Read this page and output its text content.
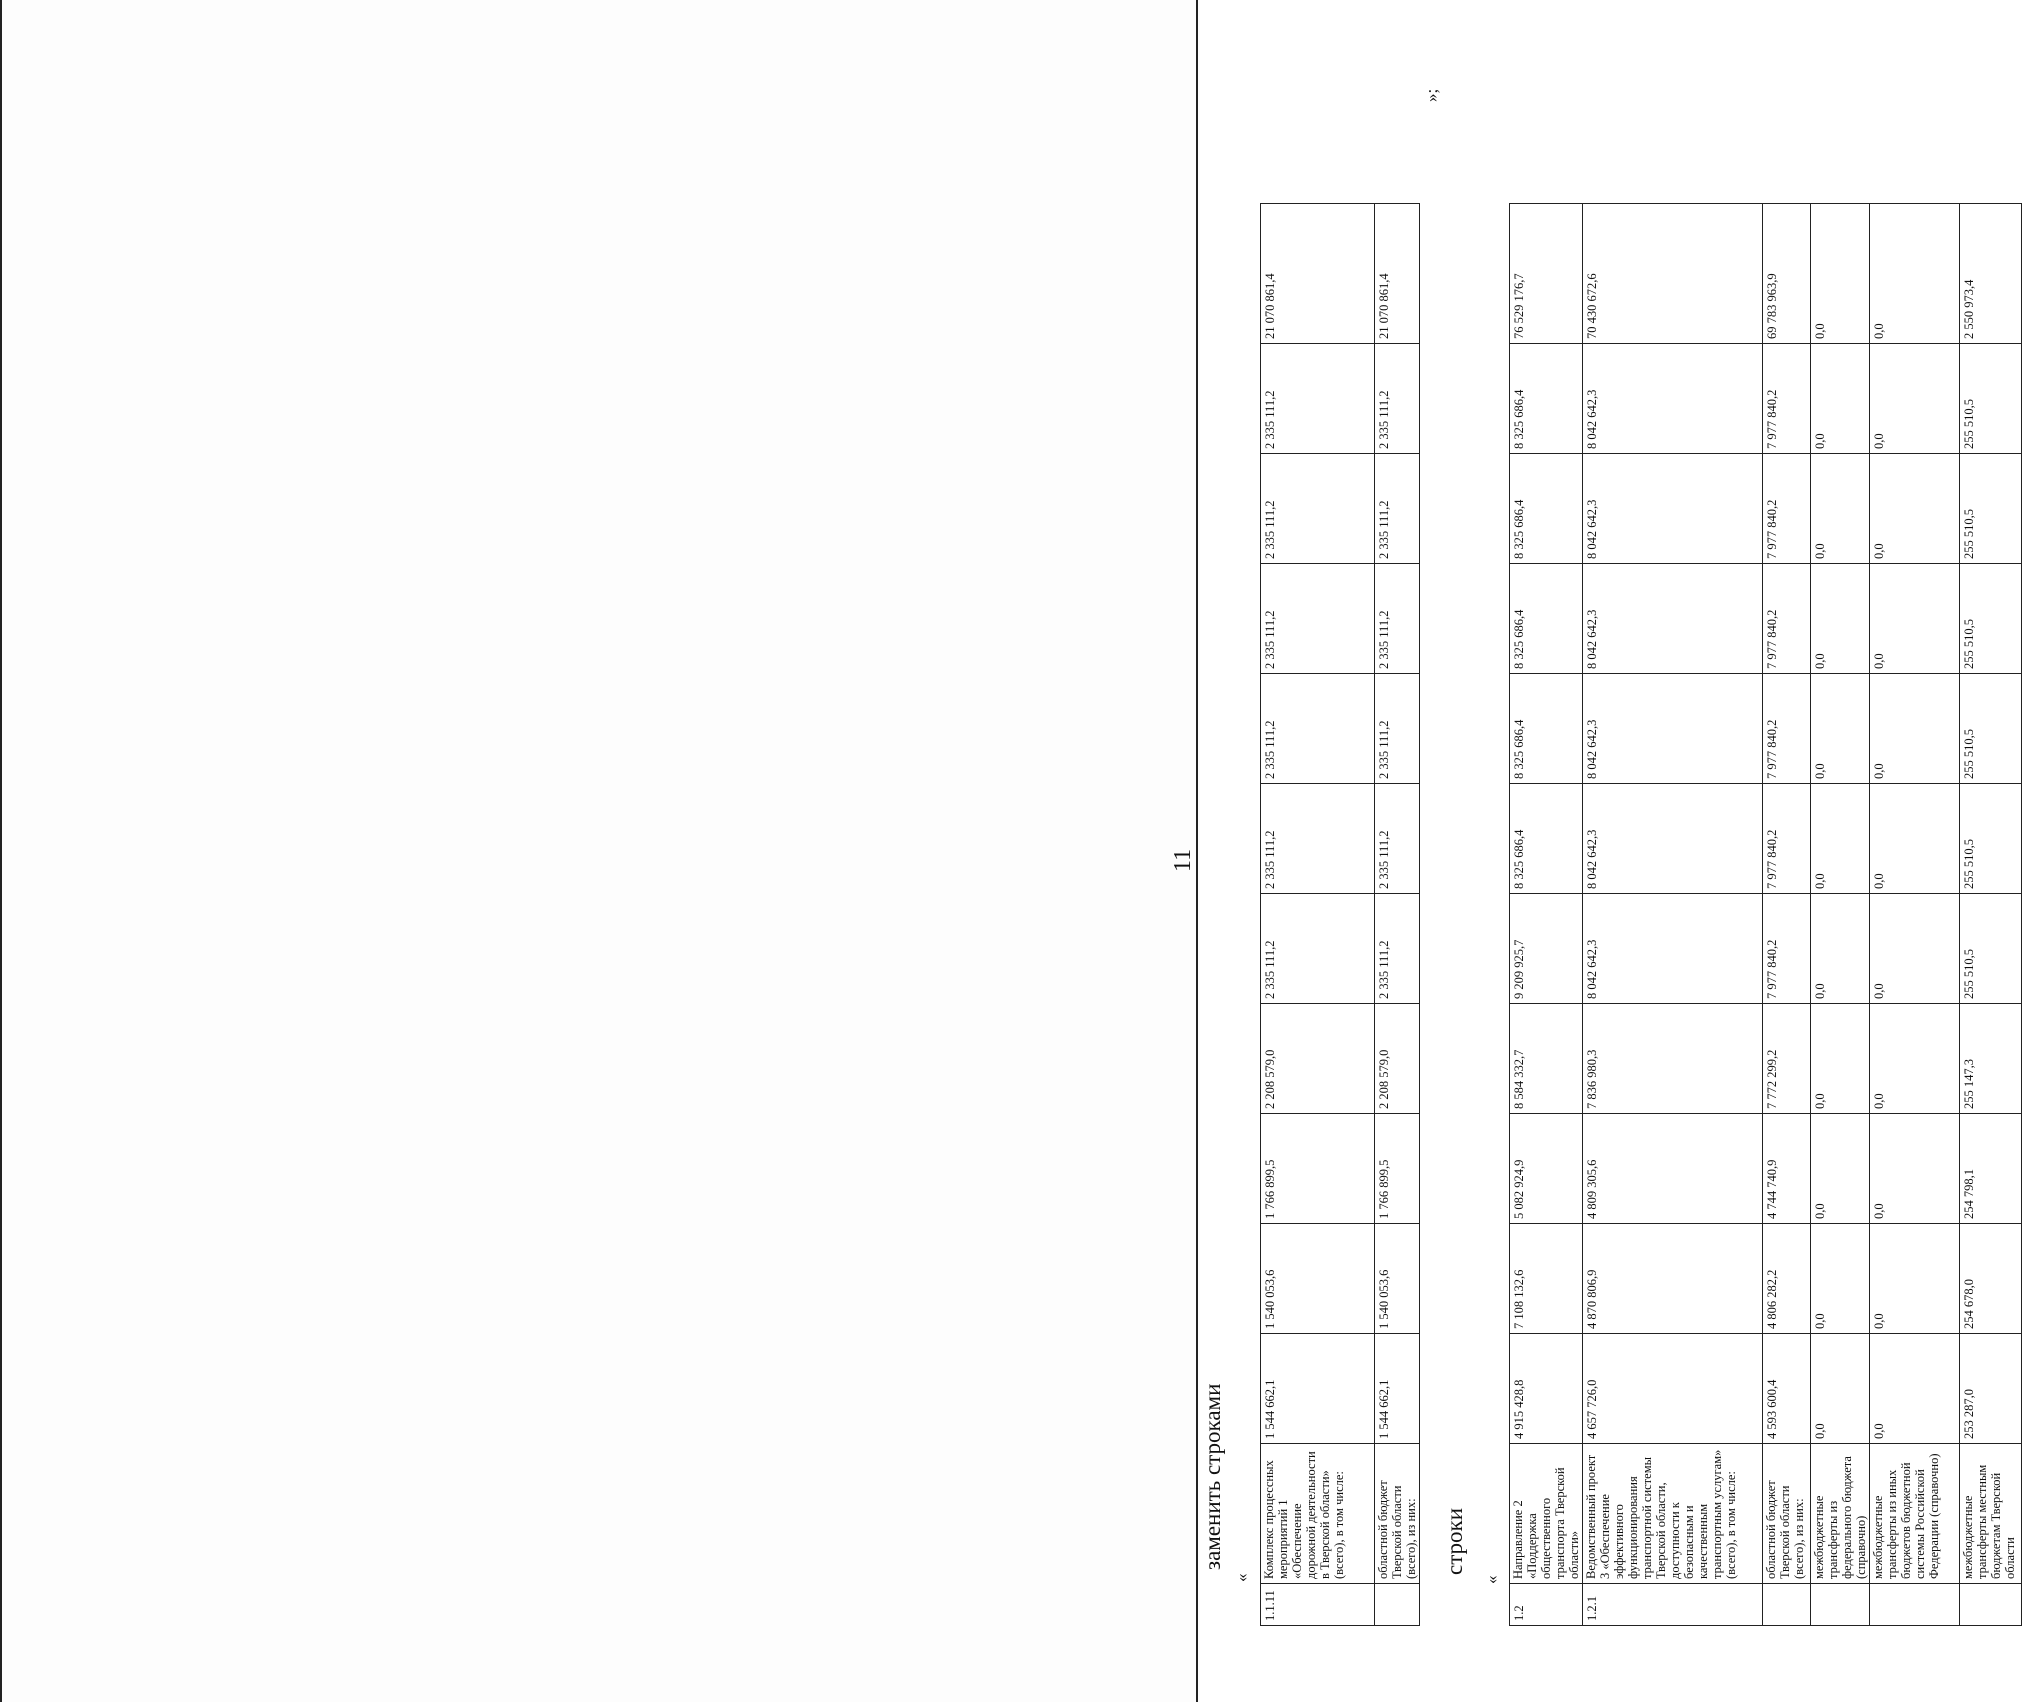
11
заменить строками
«
1.1.11	Комплекс процессных мероприятий 1 «Обеспечение дорожной деятельности в Тверской области» (всего), в том числе:	1 544 662,1	1 540 053,6	1 766 899,5	2 208 579,0	2 335 111,2	2 335 111,2	2 335 111,2	2 335 111,2	2 335 111,2	2 335 111,2	21 070 861,4
	областной бюджет Тверской области (всего), из них:	1 544 662,1	1 540 053,6	1 766 899,5	2 208 579,0	2 335 111,2	2 335 111,2	2 335 111,2	2 335 111,2	2 335 111,2	2 335 111,2	21 070 861,4
»;
строки
«
1.2	Направление 2 «Поддержка общественного транспорта Тверской области»	4 915 428,8	7 108 132,6	5 082 924,9	8 584 332,7	9 209 925,7	8 325 686,4	8 325 686,4	8 325 686,4	8 325 686,4	8 325 686,4	76 529 176,7
1.2.1	Ведомственный проект 3 «Обеспечение эффективного функционирования транспортной системы Тверской области, доступности к безопасным и качественным транспортным услугам» (всего), в том числе:	4 657 726,0	4 870 806,9	4 809 305,6	7 836 980,3	8 042 642,3	8 042 642,3	8 042 642,3	8 042 642,3	8 042 642,3	8 042 642,3	70 430 672,6
	областной бюджет Тверской области (всего), из них:	4 593 600,4	4 806 282,2	4 744 740,9	7 772 299,2	7 977 840,2	7 977 840,2	7 977 840,2	7 977 840,2	7 977 840,2	7 977 840,2	69 783 963,9
	межбюджетные трансферты из федерального бюджета (справочно)	0,0	0,0	0,0	0,0	0,0	0,0	0,0	0,0	0,0	0,0	0,0
	межбюджетные трансферты из иных бюджетов бюджетной системы Российской Федерации (справочно)	0,0	0,0	0,0	0,0	0,0	0,0	0,0	0,0	0,0	0,0	0,0
	межбюджетные трансферты местным бюджетам Тверской области	253 287,0	254 678,0	254 798,1	255 147,3	255 510,5	255 510,5	255 510,5	255 510,5	255 510,5	255 510,5	2 550 973,4
